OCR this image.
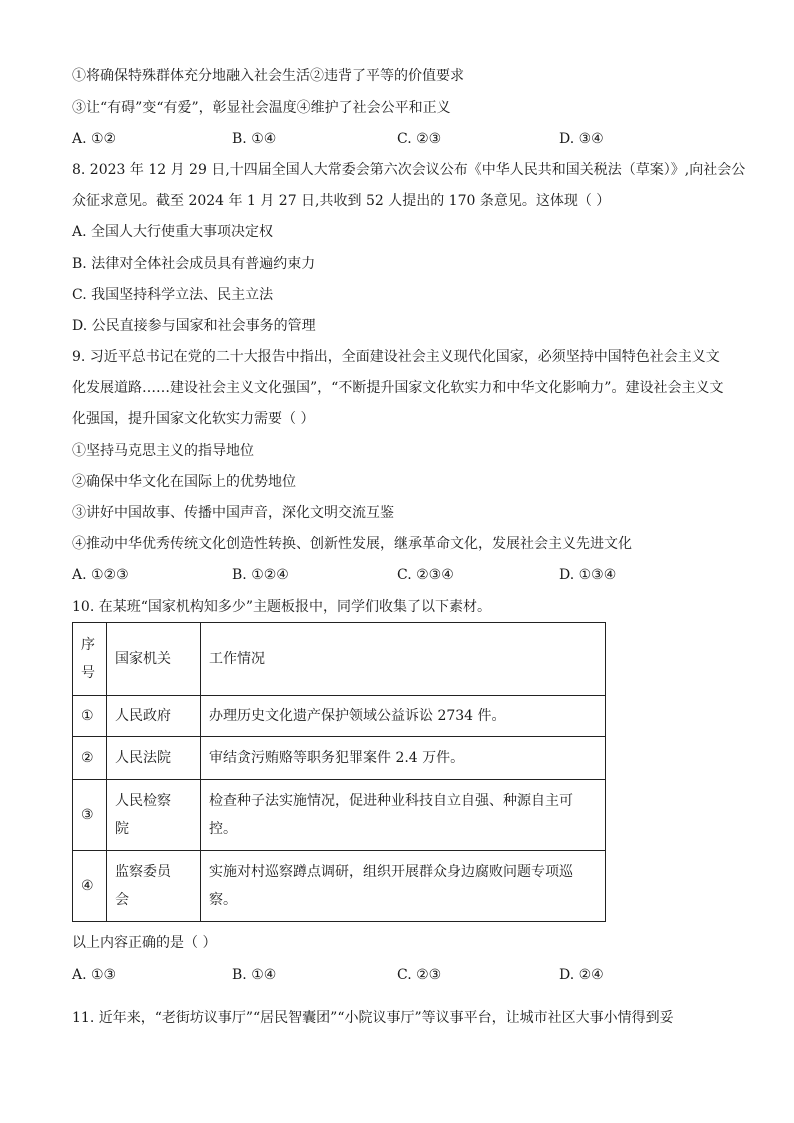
①将确保特殊群体充分地融入社会生活②违背了平等的价值要求
③让“有碍”变“有爱”，彰显社会温度④维护了社会公平和正义
A. ①②	B. ①④	C. ②③	D. ③④
8. 2023 年 12 月 29 日,十四届全国人大常委会第六次会议公布《中华人民共和国关税法（草案）》,向社会公
众征求意见。截至 2024 年 1 月 27 日,共收到 52 人提出的 170 条意见。这体现（ ）
A. 全国人大行使重大事项决定权
B. 法律对全体社会成员具有普遍约束力
C. 我国坚持科学立法、民主立法
D. 公民直接参与国家和社会事务的管理
9. 习近平总书记在党的二十大报告中指出，全面建设社会主义现代化国家，必须坚持中国特色社会主义文
化发展道路……建设社会主义文化强国”，“不断提升国家文化软实力和中华文化影响力”。建设社会主义文
化强国，提升国家文化软实力需要（ ）
①坚持马克思主义的指导地位
②确保中华文化在国际上的优势地位
③讲好中国故事、传播中国声音，深化文明交流互鉴
④推动中华优秀传统文化创造性转换、创新性发展，继承革命文化，发展社会主义先进文化
A. ①②③	B. ①②④	C. ②③④	D. ①③④
10. 在某班“国家机构知多少”主题板报中，同学们收集了以下素材。
序号	国家机关	工作情况
①	人民政府	办理历史文化遗产保护领域公益诉讼 2734 件。
②	人民法院	审结贪污贿赂等职务犯罪案件 2.4 万件。
③	人民检察院	检查种子法实施情况，促进种业科技自立自强、种源自主可控。
④	监察委员会	实施对村巡察蹲点调研，组织开展群众身边腐败问题专项巡察。
以上内容正确的是（ ）
A. ①③	B. ①④	C. ②③	D. ②④
11. 近年来，“老街坊议事厅”“居民智囊团”“小院议事厅”等议事平台，让城市社区大事小情得到妥
